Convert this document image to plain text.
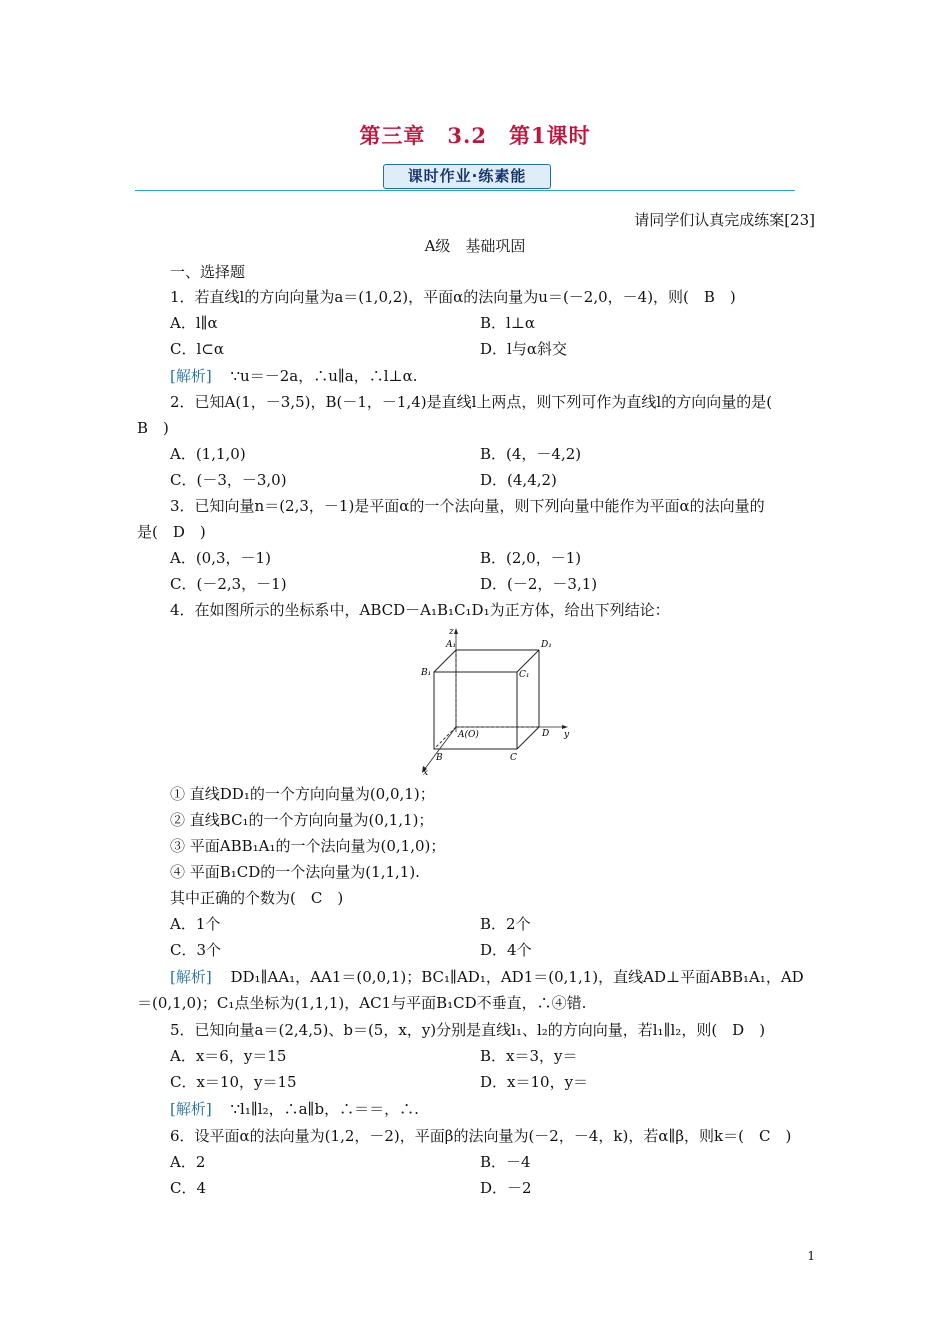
第三章　3.2　第1课时
课时作业·练素能
请同学们认真完成练案[23]
A级　基础巩固
一、选择题
1．若直线l的方向向量为a＝(1,0,2)，平面α的法向量为u＝(－2,0，－4)，则(　B　)
A．l∥α	B．l⊥α
C．l⊂α	D．l与α斜交
[解析] ∵u＝－2a，∴u∥a，∴l⊥α.
2．已知A(1，－3,5)，B(－1，－1,4)是直线l上两点，则下列可作为直线l的方向向量的是(
B　)
A．(1,1,0)	B．(4，－4,2)
C．(－3，－3,0)	D．(4,4,2)
3．已知向量n＝(2,3，－1)是平面α的一个法向量，则下列向量中能作为平面α的法向量的
是(　D　)
A．(0,3，－1)	B．(2,0，－1)
C．(－2,3，－1)	D．(－2，－3,1)
4．在如图所示的坐标系中，ABCD－A₁B₁C₁D₁为正方体，给出下列结论：
z
y
x
A₁	D₁
B₁	C₁
A(O)	D
B	C
① 直线DD₁的一个方向向量为(0,0,1)；
② 直线BC₁的一个方向向量为(0,1,1)；
③ 平面ABB₁A₁的一个法向量为(0,1,0)；
④ 平面B₁CD的一个法向量为(1,1,1).
其中正确的个数为(　C　)
A．1个	B．2个
C．3个	D．4个
[解析] DD₁∥AA₁，AA1＝(0,0,1)；BC₁∥AD₁，AD1＝(0,1,1)，直线AD⊥平面ABB₁A₁，AD
＝(0,1,0)；C₁点坐标为(1,1,1)，AC1与平面B₁CD不垂直，∴④错.
5．已知向量a＝(2,4,5)、b＝(5，x，y)分别是直线l₁、l₂的方向向量，若l₁∥l₂，则(　D　)
A．x＝6，y＝15	B．x＝3，y＝
C．x＝10，y＝15	D．x＝10，y＝
[解析] ∵l₁∥l₂，∴a∥b，∴＝＝，∴.
6．设平面α的法向量为(1,2，－2)，平面β的法向量为(－2，－4，k)，若α∥β，则k＝(　C　)
A．2	B．－4
C．4	D．－2
1
